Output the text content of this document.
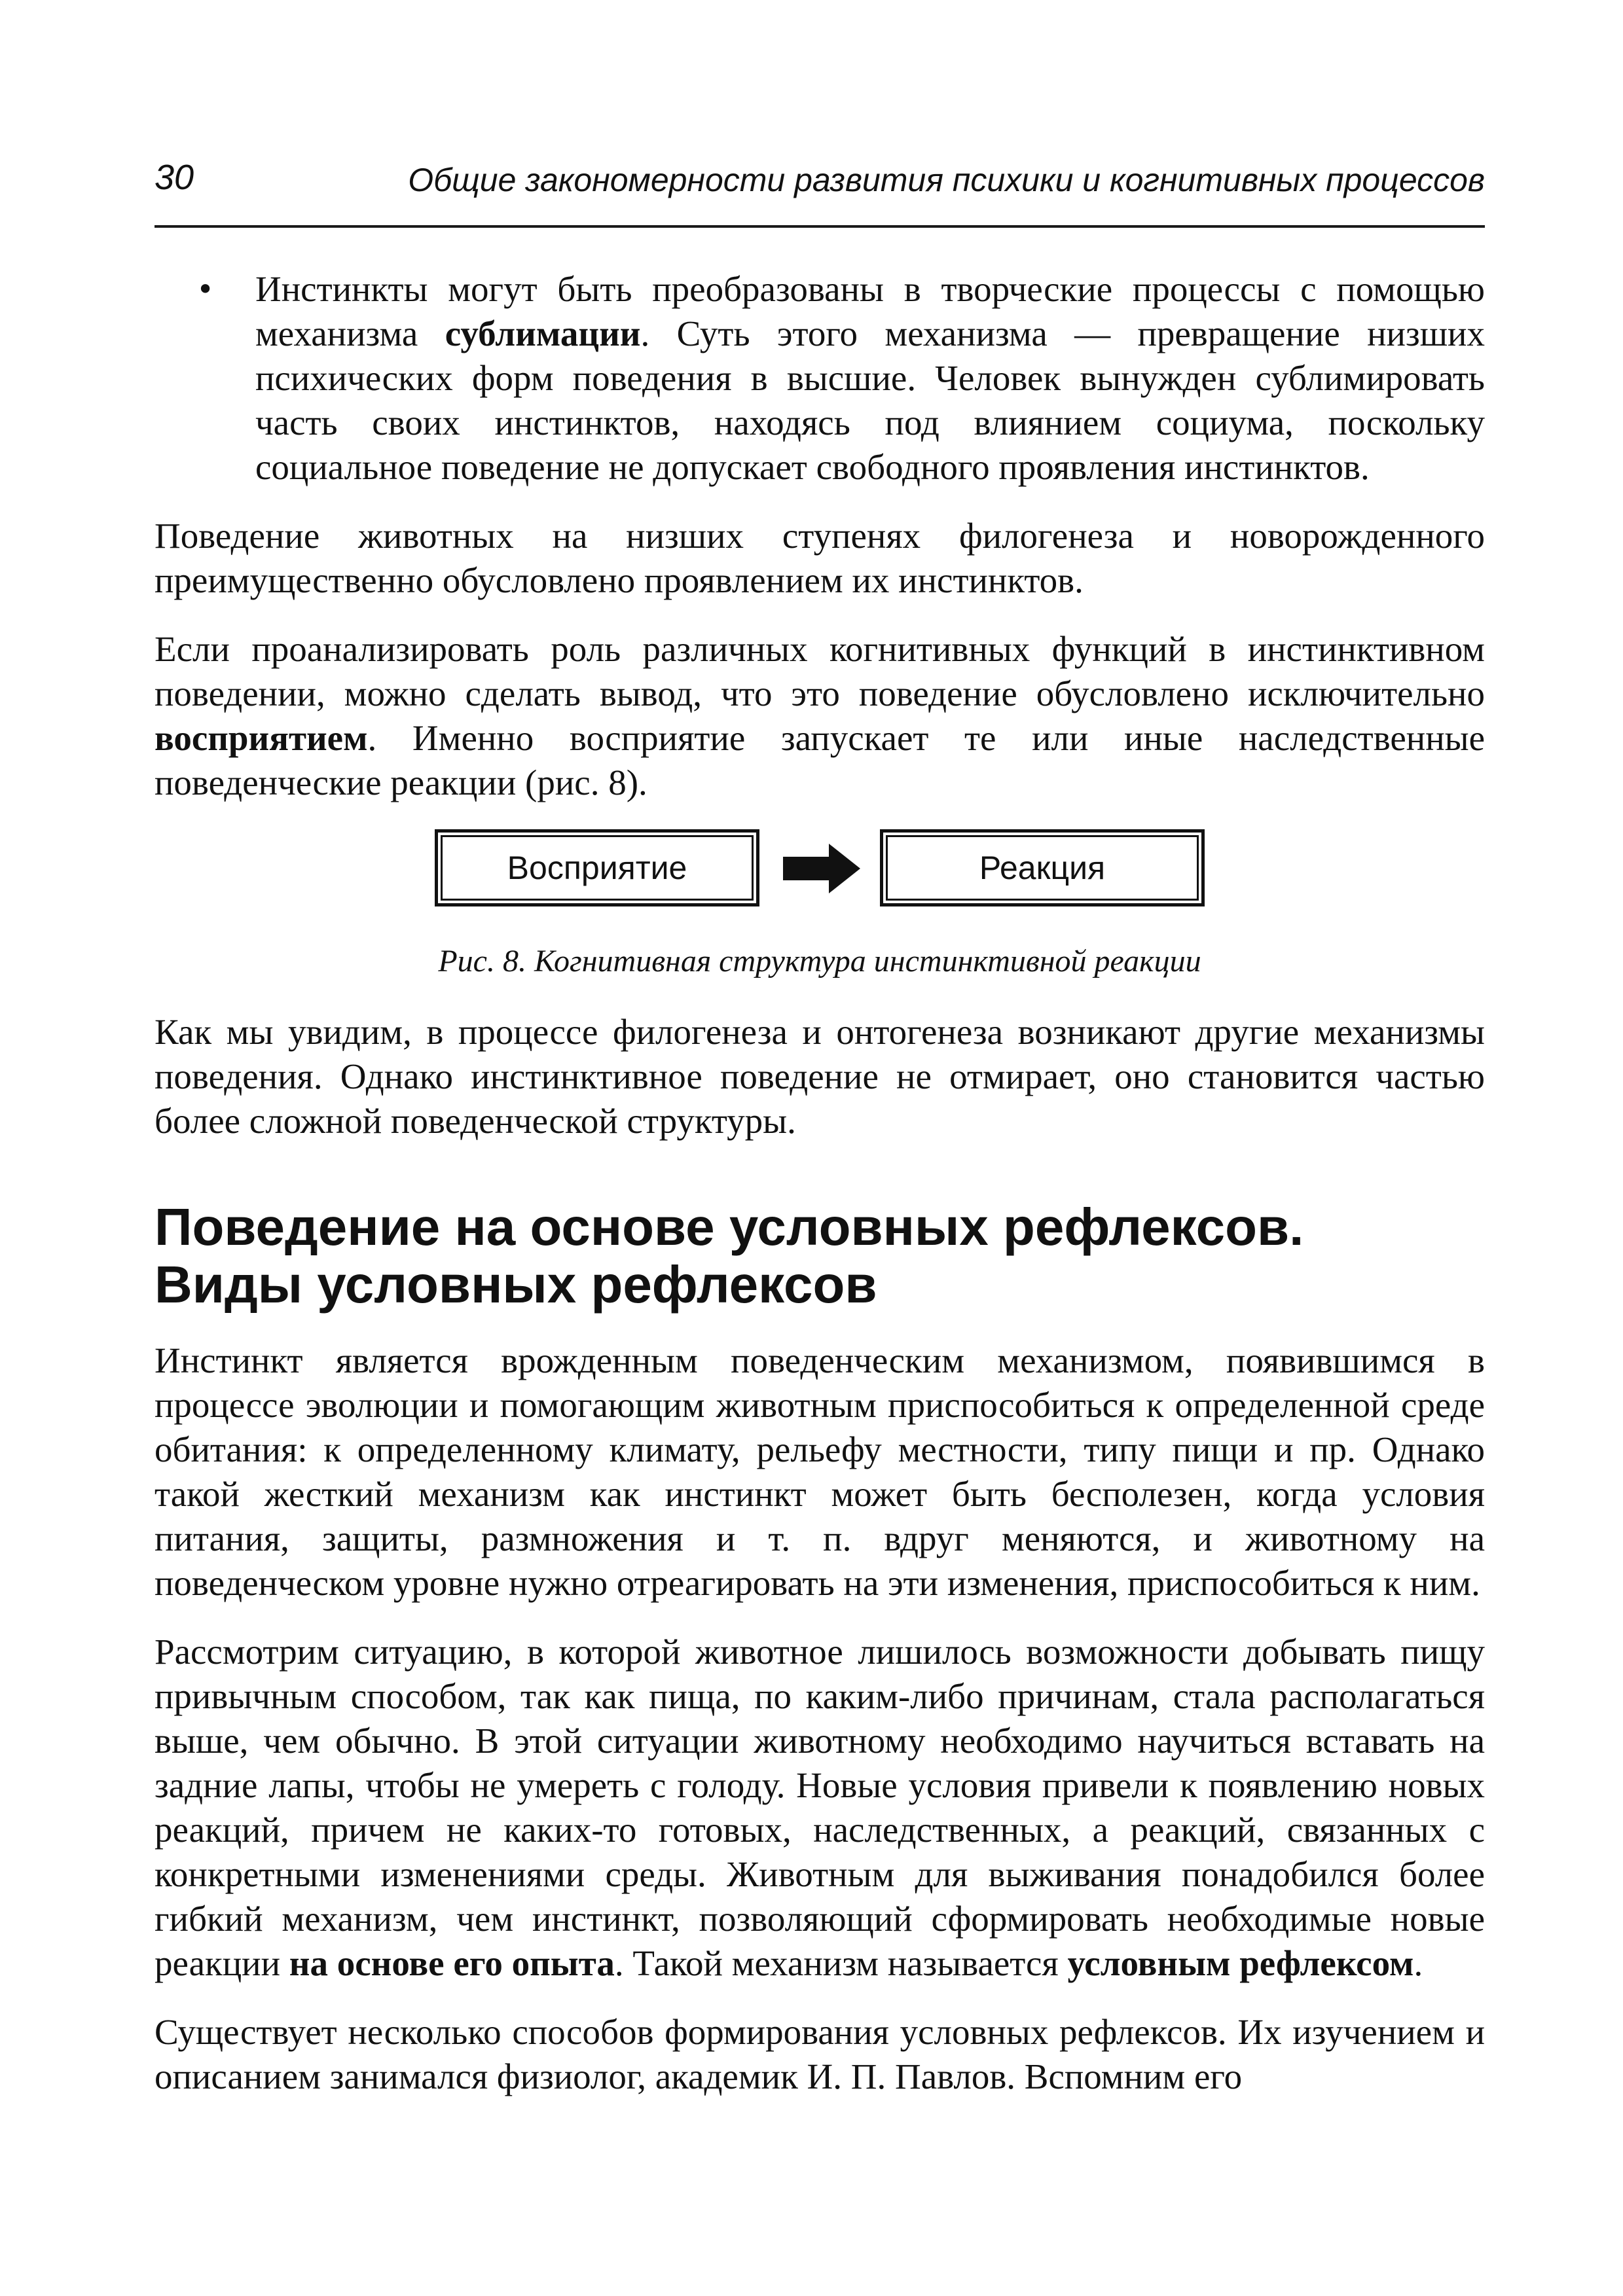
30	Общие закономерности развития психики и когнитивных процессов
• Инстинкты могут быть преобразованы в творческие процессы с помощью механизма сублимации. Суть этого механизма — превращение низших психических форм поведения в высшие. Человек вынужден сублимировать часть своих инстинктов, находясь под влиянием социума, поскольку социальное поведение не допускает свободного проявления инстинктов.

Поведение животных на низших ступенях филогенеза и новорожденного преимущественно обусловлено проявлением их инстинктов.

Если проанализировать роль различных когнитивных функций в инстинктивном поведении, можно сделать вывод, что это поведение обусловлено исключительно восприятием. Именно восприятие запускает те или иные наследственные поведенческие реакции (рис. 8).

Восприятие	Реакция
Рис. 8. Когнитивная структура инстинктивной реакции

Как мы увидим, в процессе филогенеза и онтогенеза возникают другие механизмы поведения. Однако инстинктивное поведение не отмирает, оно становится частью более сложной поведенческой структуры.

Поведение на основе условных рефлексов.
Виды условных рефлексов

Инстинкт является врожденным поведенческим механизмом, появившимся в процессе эволюции и помогающим животным приспособиться к определенной среде обитания: к определенному климату, рельефу местности, типу пищи и пр. Однако такой жесткий механизм как инстинкт может быть бесполезен, когда условия питания, защиты, размножения и т. п. вдруг меняются, и животному на поведенческом уровне нужно отреагировать на эти изменения, приспособиться к ним.

Рассмотрим ситуацию, в которой животное лишилось возможности добывать пищу привычным способом, так как пища, по каким-либо причинам, стала располагаться выше, чем обычно. В этой ситуации животному необходимо научиться вставать на задние лапы, чтобы не умереть с голоду. Новые условия привели к появлению новых реакций, причем не каких-то готовых, наследственных, а реакций, связанных с конкретными изменениями среды. Животным для выживания понадобился более гибкий механизм, чем инстинкт, позволяющий сформировать необходимые новые реакции на основе его опыта. Такой механизм называется условным рефлексом.

Существует несколько способов формирования условных рефлексов. Их изучением и описанием занимался физиолог, академик И. П. Павлов. Вспомним его
